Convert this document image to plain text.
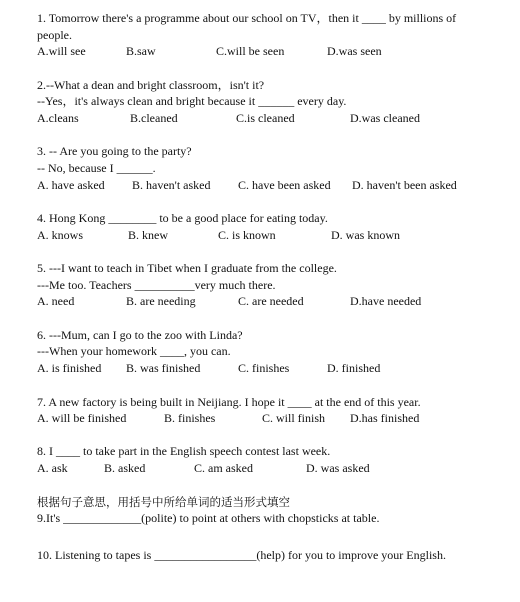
1. Tomorrow there's a programme about our school on TV，then it ____ by millions of
people.
A.will see	B.saw	C.will be seen	D.was seen
2.--What a dean and bright classroom，isn't it?
--Yes，it's always clean and bright because it ______ every day.
A.cleans	B.cleaned	C.is cleaned	D.was cleaned
3. -- Are you going to the party?
-- No, because I ______.
A. have asked B. haven't asked C. have been asked D. haven't been asked
4. Hong Kong ________ to be a good place for eating today.
A. knows	B. knew	C. is known	D. was known
5. ---I want to teach in Tibet when I graduate from the college.
---Me too. Teachers __________very much there.
A. need	B. are needing	C. are needed	D.have needed
6. ---Mum, can I go to the zoo with Linda?
---When your homework ____, you can.
A. is finished B. was finished	C. finishes	D. finished
7. A new factory is being built in Neijiang. I hope it ____ at the end of this year.
A. will be finished	B. finishes	C. will finish D.has finished
8. I ____ to take part in the English speech contest last week.
A. ask	B. asked	C. am asked	D. was asked
根据句子意思，用括号中所给单词的适当形式填空
9.It's _____________(polite) to point at others with chopsticks at table.
10. Listening to tapes is _________________(help) for you to improve your English.
